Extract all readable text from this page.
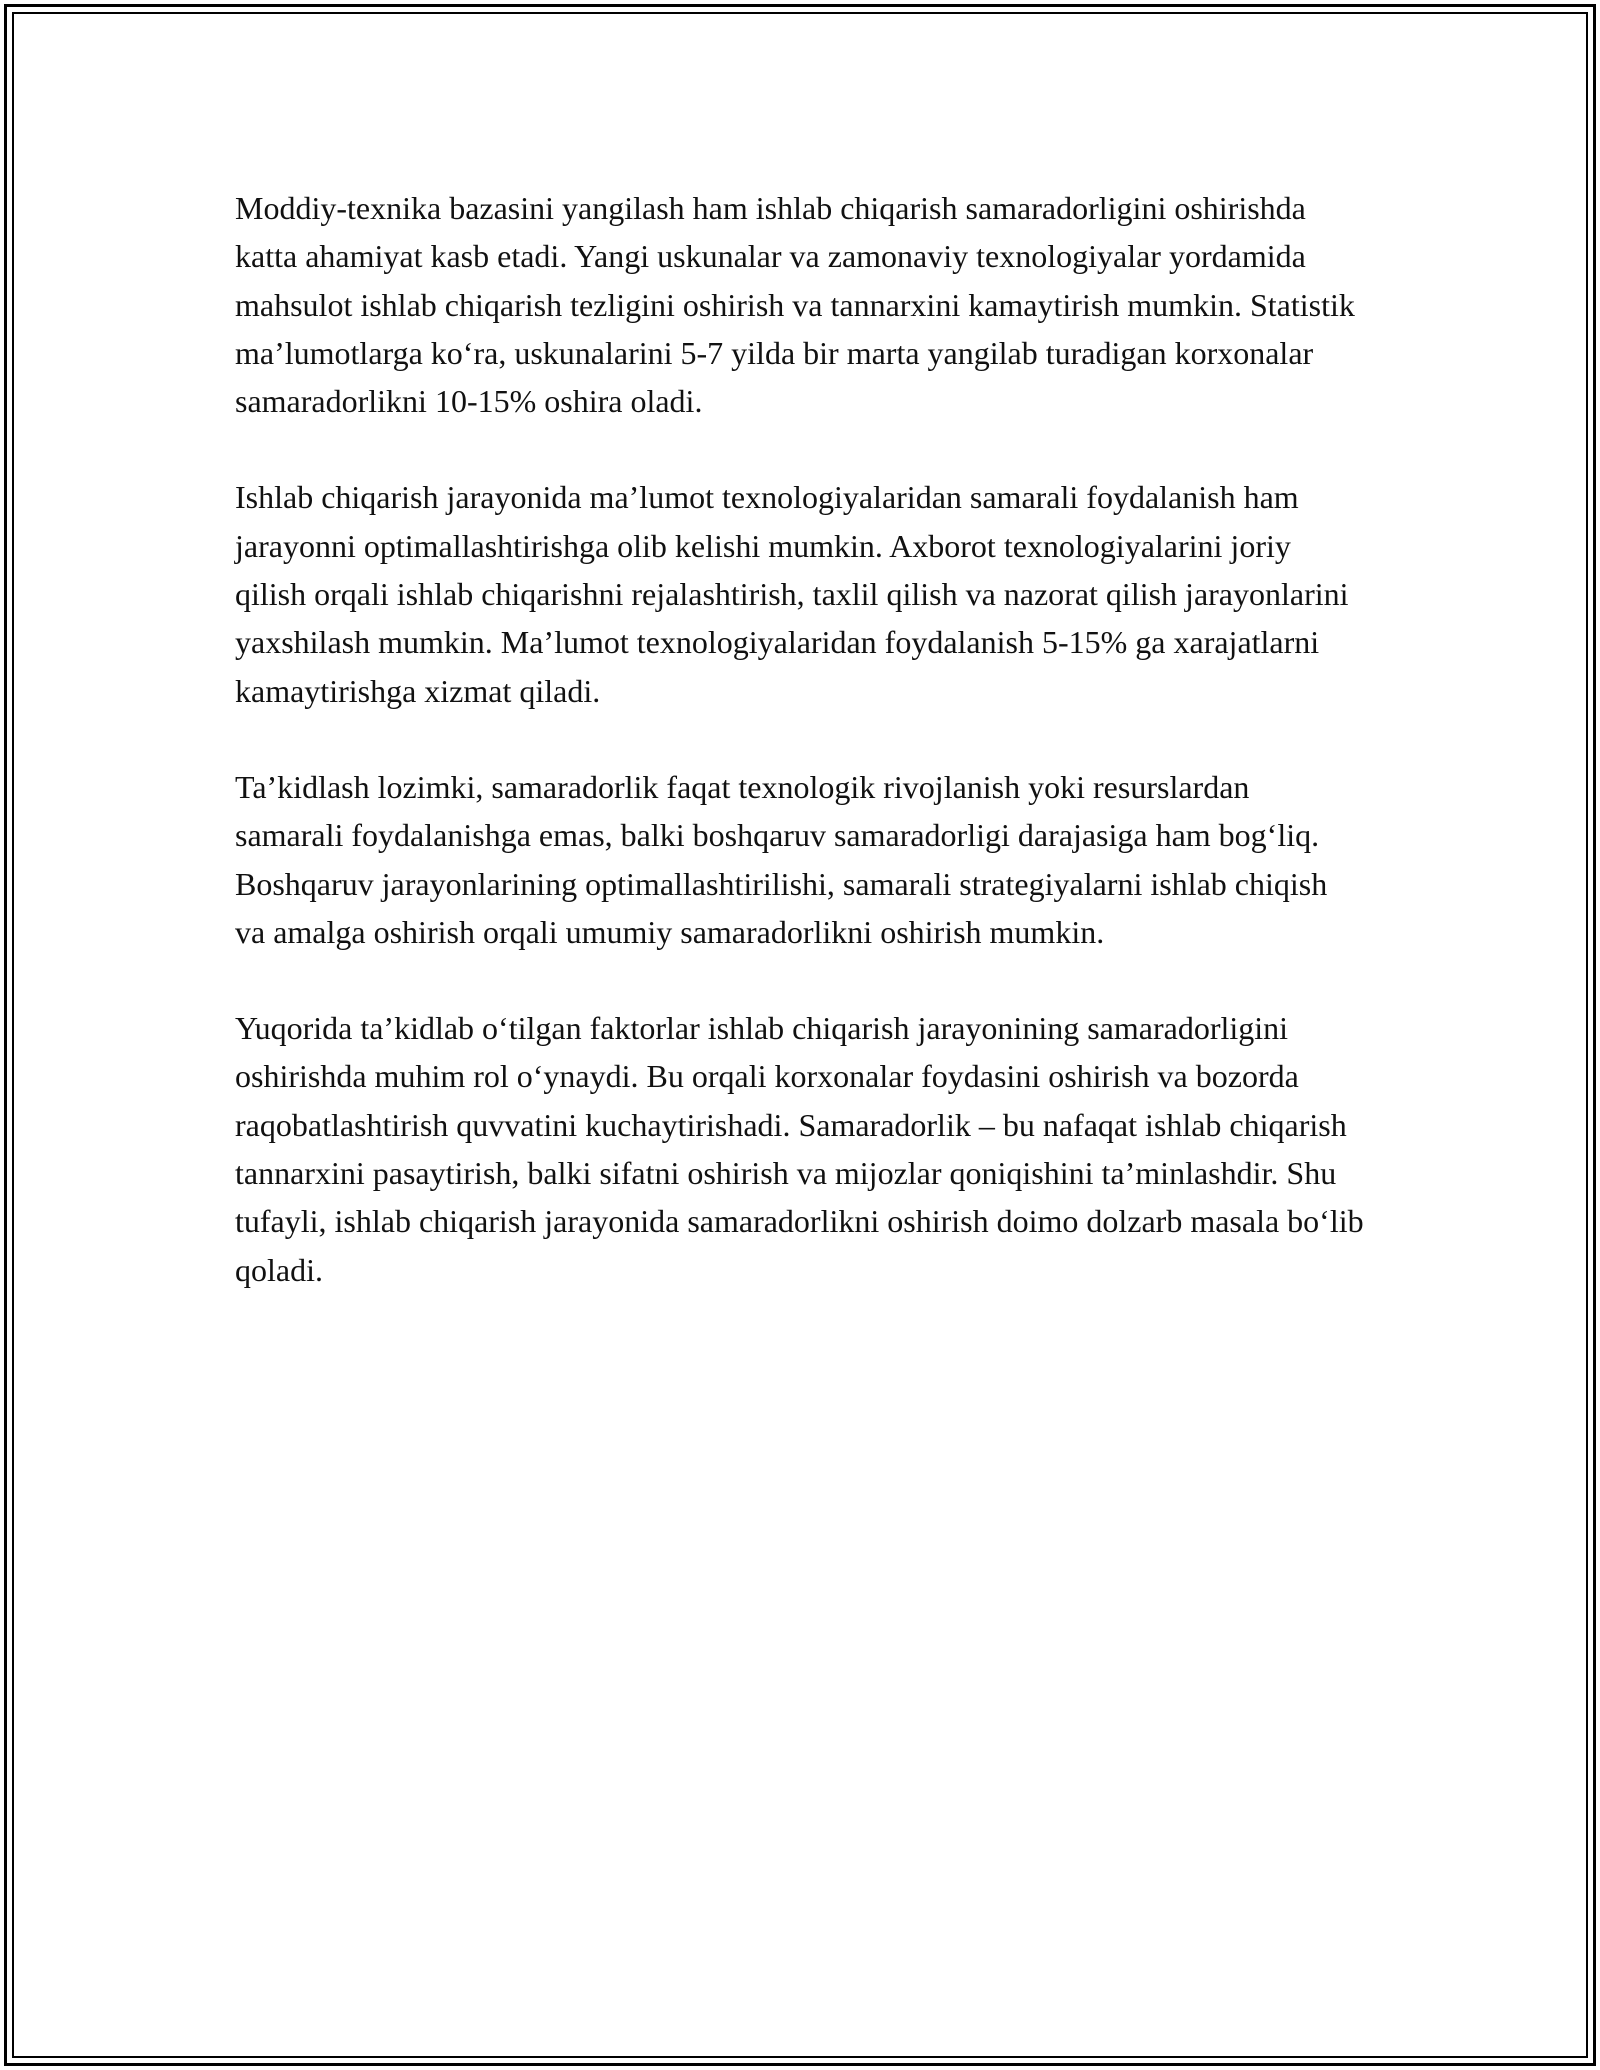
Moddiy-texnika bazasini yangilash ham ishlab chiqarish samaradorligini oshirishda katta ahamiyat kasb etadi. Yangi uskunalar va zamonaviy texnologiyalar yordamida mahsulot ishlab chiqarish tezligini oshirish va tannarxini kamaytirish mumkin. Statistik ma’lumotlarga ko‘ra, uskunalarini 5-7 yilda bir marta yangilab turadigan korxonalar samaradorlikni 10-15% oshira oladi.

Ishlab chiqarish jarayonida ma’lumot texnologiyalaridan samarali foydalanish ham jarayonni optimallashtirishga olib kelishi mumkin. Axborot texnologiyalarini joriy qilish orqali ishlab chiqarishni rejalashtirish, taxlil qilish va nazorat qilish jarayonlarini yaxshilash mumkin. Ma’lumot texnologiyalaridan foydalanish 5-15% ga xarajatlarni kamaytirishga xizmat qiladi.

Ta’kidlash lozimki, samaradorlik faqat texnologik rivojlanish yoki resurslardan samarali foydalanishga emas, balki boshqaruv samaradorligi darajasiga ham bog‘liq. Boshqaruv jarayonlarining optimallashtirilishi, samarali strategiyalarni ishlab chiqish va amalga oshirish orqali umumiy samaradorlikni oshirish mumkin.

Yuqorida ta’kidlab o‘tilgan faktorlar ishlab chiqarish jarayonining samaradorligini oshirishda muhim rol o‘ynaydi. Bu orqali korxonalar foydasini oshirish va bozorda raqobatlashtirish quvvatini kuchaytirishadi. Samaradorlik – bu nafaqat ishlab chiqarish tannarxini pasaytirish, balki sifatni oshirish va mijozlar qoniqishini ta’minlashdir. Shu tufayli, ishlab chiqarish jarayonida samaradorlikni oshirish doimo dolzarb masala bo‘lib qoladi.
